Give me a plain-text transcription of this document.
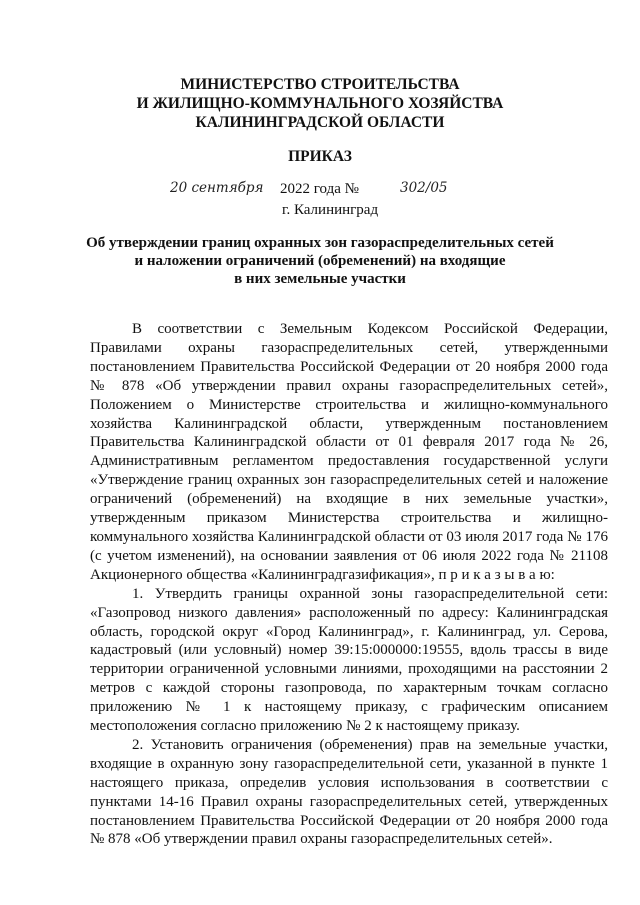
МИНИСТЕРСТВО СТРОИТЕЛЬСТВА
И ЖИЛИЩНО-КОММУНАЛЬНОГО ХОЗЯЙСТВА
КАЛИНИНГРАДСКОЙ ОБЛАСТИ
ПРИКАЗ
20 сентября 2022 года №	302/05
г. Калининград
Об утверждении границ охранных зон газораспределительных сетей
и наложении ограничений (обременений) на входящие
в них земельные участки

В соответствии с Земельным Кодексом Российской Федерации, Правилами охраны газораспределительных сетей, утвержденными постановлением Правительства Российской Федерации от 20 ноября 2000 года № 878 «Об утверждении правил охраны газораспределительных сетей», Положением о Министерстве строительства и жилищно-коммунального хозяйства Калининградской области, утвержденным постановлением Правительства Калининградской области от 01 февраля 2017 года № 26, Административным регламентом предоставления государственной услуги «Утверждение границ охранных зон газораспределительных сетей и наложение ограничений (обременений) на входящие в них земельные участки», утвержденным приказом Министерства строительства и жилищно-коммунального хозяйства Калининградской области от 03 июля 2017 года № 176 (с учетом изменений), на основании заявления от 06 июля 2022 года № 21108 Акционерного общества «Калининградгазификация», п р и к а з ы в а ю:

1. Утвердить границы охранной зоны газораспределительной сети: «Газопровод низкого давления» расположенный по адресу: Калининградская область, городской округ «Город Калининград», г. Калининград, ул. Серова, кадастровый (или условный) номер 39:15:000000:19555, вдоль трассы в виде территории ограниченной условными линиями, проходящими на расстоянии 2 метров с каждой стороны газопровода, по характерным точкам согласно приложению № 1 к настоящему приказу, с графическим описанием местоположения согласно приложению № 2 к настоящему приказу.

2. Установить ограничения (обременения) прав на земельные участки, входящие в охранную зону газораспределительной сети, указанной в пункте 1 настоящего приказа, определив условия использования в соответствии с пунктами 14-16 Правил охраны газораспределительных сетей, утвержденных постановлением Правительства Российской Федерации от 20 ноября 2000 года № 878 «Об утверждении правил охраны газораспределительных сетей».
